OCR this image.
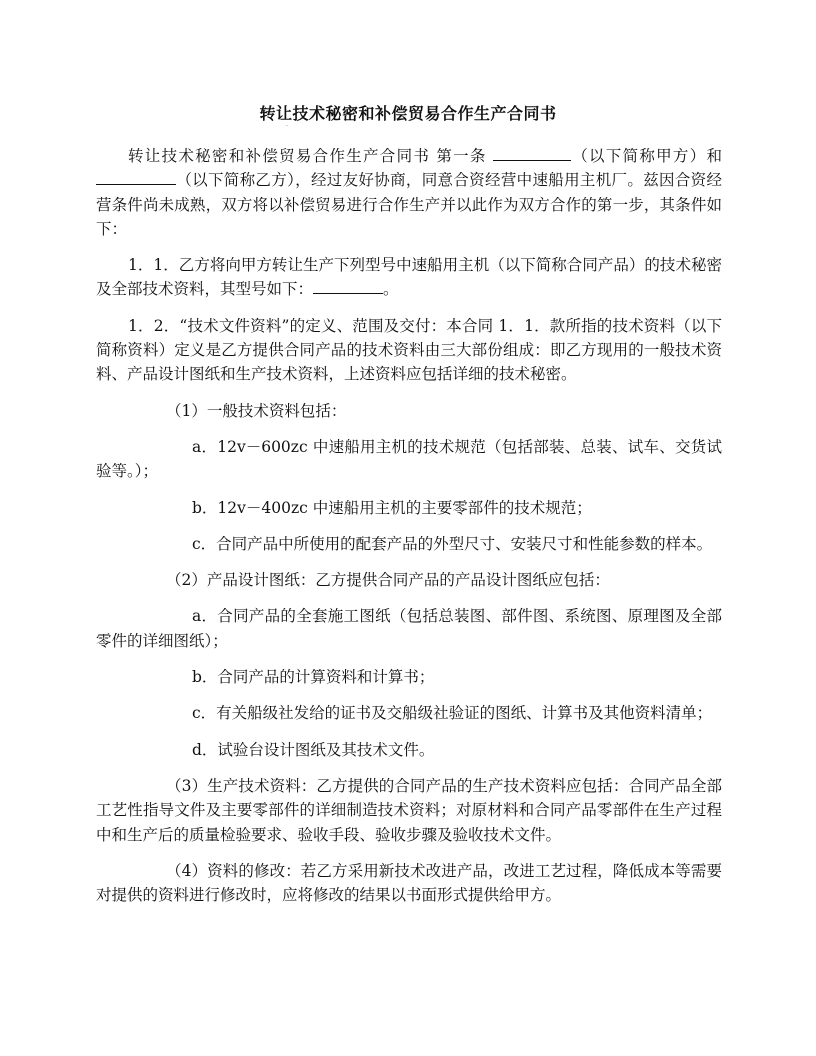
转让技术秘密和补偿贸易合作生产合同书
·

转让技术秘密和补偿贸易合作生产合同书 第一条	（以下简称甲方）和（以下简称乙方），经过友好协商，同意合资经营中速船用主机厂。兹因合资经营条件尚未成熟，双方将以补偿贸易进行合作生产并以此作为双方合作的第一步，其条件如下：

1．1．乙方将向甲方转让生产下列型号中速船用主机（以下简称合同产品）的技术秘密及全部技术资料，其型号如下：	。

1．2．“技术文件资料”的定义、范围及交付：本合同 1．1．款所指的技术资料（以下简称资料）定义是乙方提供合同产品的技术资料由三大部份组成：即乙方现用的一般技术资料、产品设计图纸和生产技术资料，上述资料应包括详细的技术秘密。

（1）一般技术资料包括：

a．12v－600zc 中速船用主机的技术规范（包括部装、总装、试车、交货试验等。）；

b．12v－400zc 中速船用主机的主要零部件的技术规范；

c．合同产品中所使用的配套产品的外型尺寸、安装尺寸和性能参数的样本。

（2）产品设计图纸：乙方提供合同产品的产品设计图纸应包括：

a．合同产品的全套施工图纸（包括总装图、部件图、系统图、原理图及全部零件的详细图纸）；

b．合同产品的计算资料和计算书；

c．有关船级社发给的证书及交船级社验证的图纸、计算书及其他资料清单；

d．试验台设计图纸及其技术文件。

（3）生产技术资料：乙方提供的合同产品的生产技术资料应包括：合同产品全部工艺性指导文件及主要零部件的详细制造技术资料；对原材料和合同产品零部件在生产过程中和生产后的质量检验要求、验收手段、验收步骤及验收技术文件。

（4）资料的修改：若乙方采用新技术改进产品，改进工艺过程，降低成本等需要对提供的资料进行修改时，应将修改的结果以书面形式提供给甲方。
